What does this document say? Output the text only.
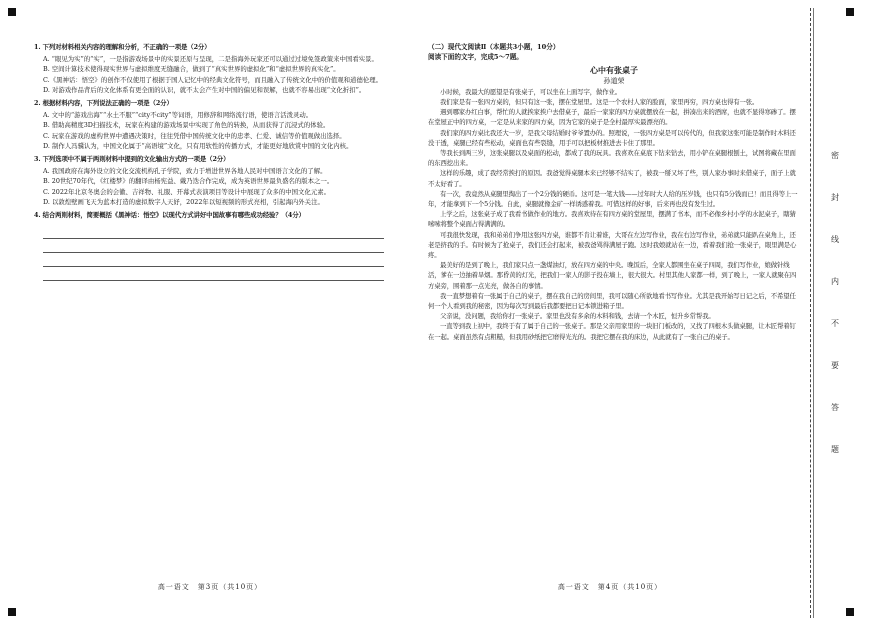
1. 下列对材料相关内容的理解和分析，不正确的一项是（2分）
A. “眼见为实”的“实”，一是指游戏场景中的实景还原与呈现，二是指海外玩家还可以通过过境免签政策来中国看实景。
B. 空间计算技术使得现实世界与虚拟维度无缝融合，做到了“真实世界的虚拟化”和“虚拟世界的真实化”。
C.《黑神话：悟空》的创作不仅使用了根据于国人记忆中的经典文化符号，而且融入了传统文化中的价值观和道德伦理。
D. 对游戏作品背后的文化体系有更全面的认识，就不太会产生对中国的偏见和误解，也就不容易出现“文化折扣”。
2. 根据材料内容，下列说法正确的一项是（2分）
A. 文中的“游戏出海”“水土不服”“city不city”等词语，用修辞和网络流行语，使语言活泼灵动。
B. 借助高精度3D扫描技术，玩家在构建的游戏场景中实现了角色的转换，从而获得了沉浸式的体验。
C. 玩家在游戏的虚构世界中遭遇决策时，往往凭借中国传统文化中的忠孝、仁爱、诚信等价值观做出选择。
D. 制作人冯骥认为，中国文化属于“高语境”文化，只有用软性的传播方式，才能更好地欣赏中国的文化内核。
3. 下列选项中不属于两则材料中提到的文化输出方式的一项是（2分）
A. 我国政府在海外设立的文化交流机构孔子学院，致力于增进世界各地人民对中国语言文化的了解。
B. 20世纪70年代，《红楼梦》的翻译由杨宪益、戴乃迭合作完成，成为英语世界最负盛名的版本之一。
C. 2022年北京冬奥会的会徽、吉祥物、礼服、开幕式表演项目等设计中展现了众多的中国文化元素。
D. 以敦煌壁画飞天为蓝本打造的虚拟数字人天妤，2022年以短视频的形式亮相，引起海内外关注。
4. 结合两则材料，简要概括《黑神话：悟空》以现代方式讲好中国故事有哪些成功经验？（4分）
高一语文　第3页（共10页）
（二）现代文阅读Ⅱ（本题共3小题，10分）
阅读下面的文字，完成5～7题。
心中有张桌子
孙道荣

小时候，我最大的愿望是有张桌子，可以坐在上面写字，做作业。

我们家是有一张四方桌的，但只有这一张，摆在堂屋里。这是一个农村人家的脸面，家里再穷，四方桌也得有一张。

遇到哪家办红白事，帮忙的人就挨家挨户去借桌子，最后一家家的四方桌就摆放在一起，拼凑出来的酒席，也就不显得寒碜了。摆在堂屋正中的四方桌，一定是从来家的四方桌，因为它家的桌子是全村最厚实最漂亮的。

我们家的四方桌比我还大一岁，是我父母结婚时爷爷置办的。照理说，一张四方桌是可以传代的，但我家这张可能是制作时木料还没干透，桌腿已经有些松动，桌面也有些裂缝，用手可以把板材推进去卡住了那里。

等我长到两三岁，这张桌腿以及桌面的松动，都成了我的玩具。我喜欢在桌底下钻来钻去，用小铲在桌腿根刨土，试图将藏在里面的东西挖出来。

这样的乐趣，成了我经常挨打的原因。我爸觉得桌腿本来已经够不结实了，被我一掰又坏了些，别人家办事时来借桌子，面子上就不太好看了。

有一次，我竟然从桌腿里掏出了一个2分钱的硬币。这可是一笔大钱——过年时大人给的压岁钱，也只有5分钱而已！而且得等上一年，才能拿到下一个5分钱。自此，桌腿就像金矿一样诱惑着我。可惜这样的好事，后来再也没有发生过。

上学之后，这张桌子成了我看书做作业的地方。我喜欢待在有四方桌的堂屋里，摆满了书本，而不必像乡村小学的水泥桌子，瞎猜嗦嗦将整个桌面占得满满的。

可我很快发现，我和弟弟们争用这张四方桌，谁都不肯让着谁，大哥在左边写作业，我在右边写作业，弟弟就只能趴在桌角上，还老是挤我的手。有时候为了抢桌子，我们还会打起来，被我爸骂得满屋子跑。这时我娘就站在一边，看着我们抢一张桌子，眼里满是心疼。

最美好的是到了晚上，我们家只点一盏煤油灯，放在四方桌的中央。晚饭后，全家人都围坐在桌子四周，我们写作业，娘做针线活，爹在一边抽着旱烟。那昏黄的灯光，把我们一家人的影子投在墙上，很大很大。村里其他人家都一样，到了晚上，一家人就聚在四方桌旁，围着那一点光亮，做各自的事情。

我一直梦想着有一张属于自己的桌子，摆在我自己的房间里，我可以随心所欲地看书写作业。尤其是我开始写日记之后，不希望任何一个人看到我的秘密，因为每次写到最后我都要把日记本锁进箱子里。

父亲说，没问题，我给你打一张桌子。家里也没有多余的木料和钱，去请一个木匠，恒升乡常帮我。

一直等到我上初中，我终于有了属于自己的一张桌子。那是父亲用家里的一块旧门板改的，又找了四根木头做桌腿，让木匠帮着钉在一起。桌面虽然有点粗糙，但我用砂纸把它磨得光光的。我把它摆在我的床边，从此就有了一张自己的桌子。

高一语文　第4页（共10页）
密
封
线
内
不
要
答
题
